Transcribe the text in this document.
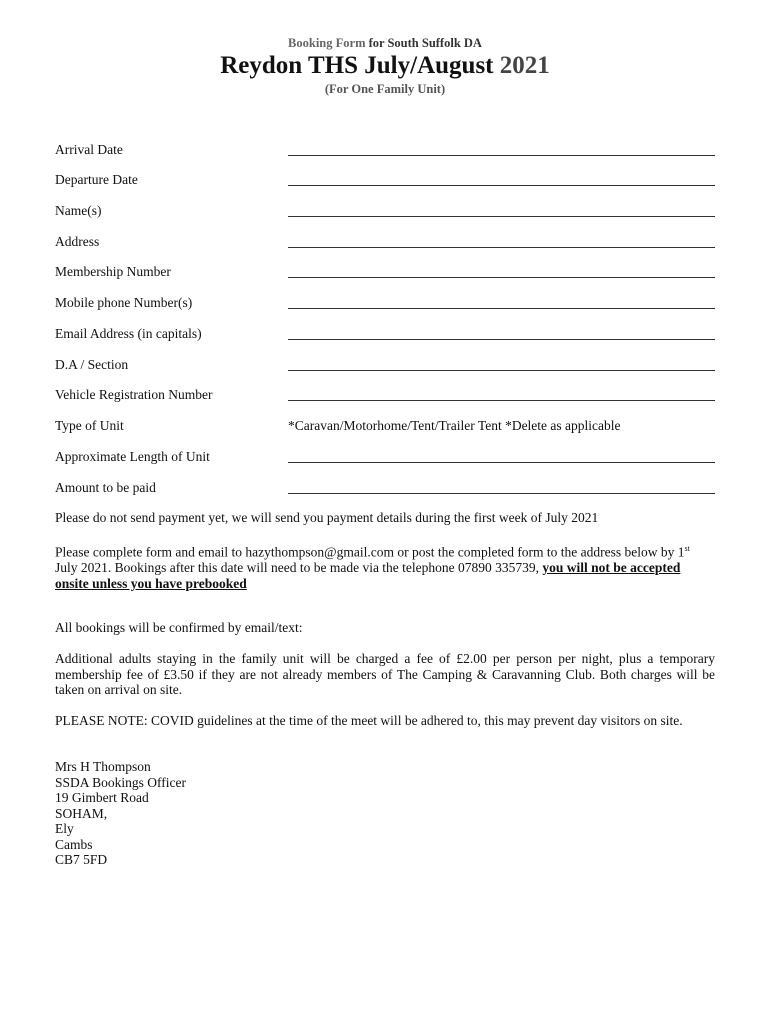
Booking Form for South Suffolk DA
Reydon THS July/August 2021
(For One Family Unit)
Arrival Date
Departure Date
Name(s)
Address
Membership Number
Mobile phone Number(s)
Email Address (in capitals)
D.A / Section
Vehicle Registration Number
Type of Unit	*Caravan/Motorhome/Tent/Trailer Tent *Delete as applicable
Approximate Length of Unit
Amount to be paid
Please do not send payment yet, we will send you payment details during the first week of July 2021
Please complete form and email to hazythompson@gmail.com or post the completed form to the address below by 1st July 2021. Bookings after this date will need to be made via the telephone 07890 335739, you will not be accepted onsite unless you have prebooked
All bookings will be confirmed by email/text:
Additional adults staying in the family unit will be charged a fee of £2.00 per person per night, plus a temporary membership fee of £3.50 if they are not already members of The Camping & Caravanning Club. Both charges will be taken on arrival on site.
PLEASE NOTE: COVID guidelines at the time of the meet will be adhered to, this may prevent day visitors on site.
Mrs H Thompson
SSDA Bookings Officer
19 Gimbert Road
SOHAM,
Ely
Cambs
CB7 5FD
